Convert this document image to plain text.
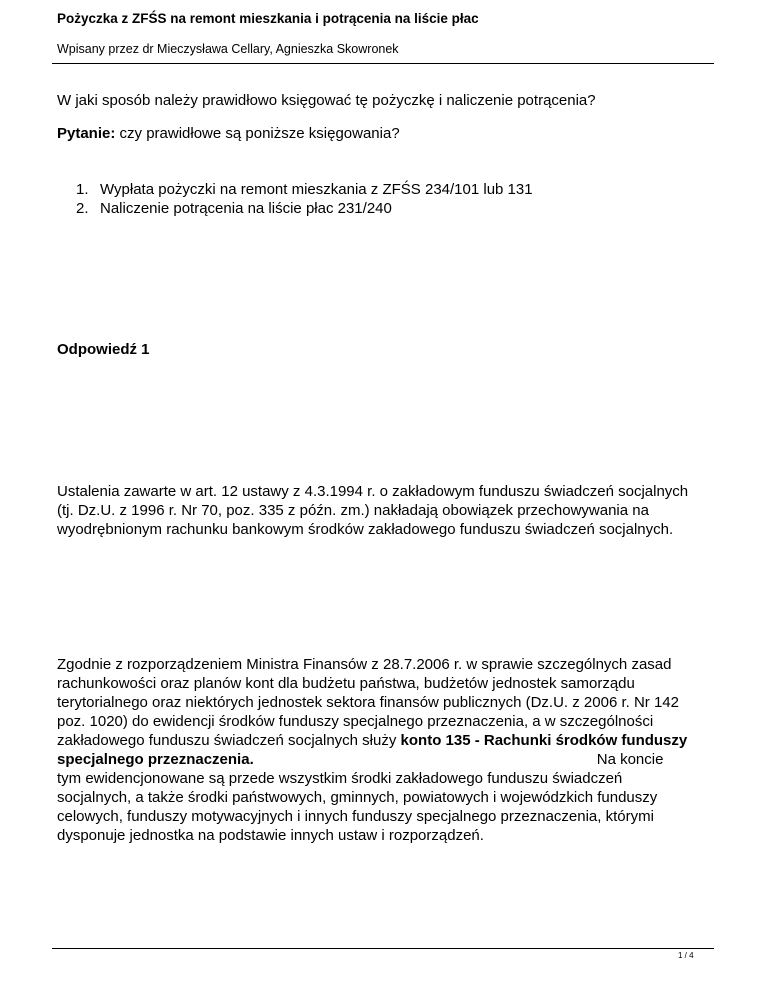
Pożyczka z ZFŚS na remont mieszkania i potrącenia na liście płac
Wpisany przez dr Mieczysława Cellary, Agnieszka Skowronek
W jaki sposób należy prawidłowo księgować tę pożyczkę i naliczenie potrącenia?
Pytanie: czy prawidłowe są poniższe księgowania?
1. Wypłata pożyczki na remont mieszkania z ZFŚS 234/101 lub 131
2. Naliczenie potrącenia na liście płac 231/240
Odpowiedź 1
Ustalenia zawarte w art. 12 ustawy z 4.3.1994 r. o zakładowym funduszu świadczeń socjalnych
(tj. Dz.U. z 1996 r. Nr 70, poz. 335 z późn. zm.) nakładają obowiązek przechowywania na
wyodrębnionym rachunku bankowym środków zakładowego funduszu świadczeń socjalnych.
Zgodnie z rozporządzeniem Ministra Finansów z 28.7.2006 r. w sprawie szczególnych zasad
rachunkowości oraz planów kont dla budżetu państwa, budżetów jednostek samorządu
terytorialnego oraz niektórych jednostek sektora finansów publicznych (Dz.U. z 2006 r. Nr 142
poz. 1020) do ewidencji środków funduszy specjalnego przeznaczenia, a w szczególności
zakładowego funduszu świadczeń socjalnych służy konto 135 - Rachunki środków funduszy
specjalnego przeznaczenia.	Na koncie
tym ewidencjonowane są przede wszystkim środki zakładowego funduszu świadczeń
socjalnych, a także środki państwowych, gminnych, powiatowych i wojewódzkich funduszy
celowych, funduszy motywacyjnych i innych funduszy specjalnego przeznaczenia, którymi
dysponuje jednostka na podstawie innych ustaw i rozporządzeń.
1 / 4
